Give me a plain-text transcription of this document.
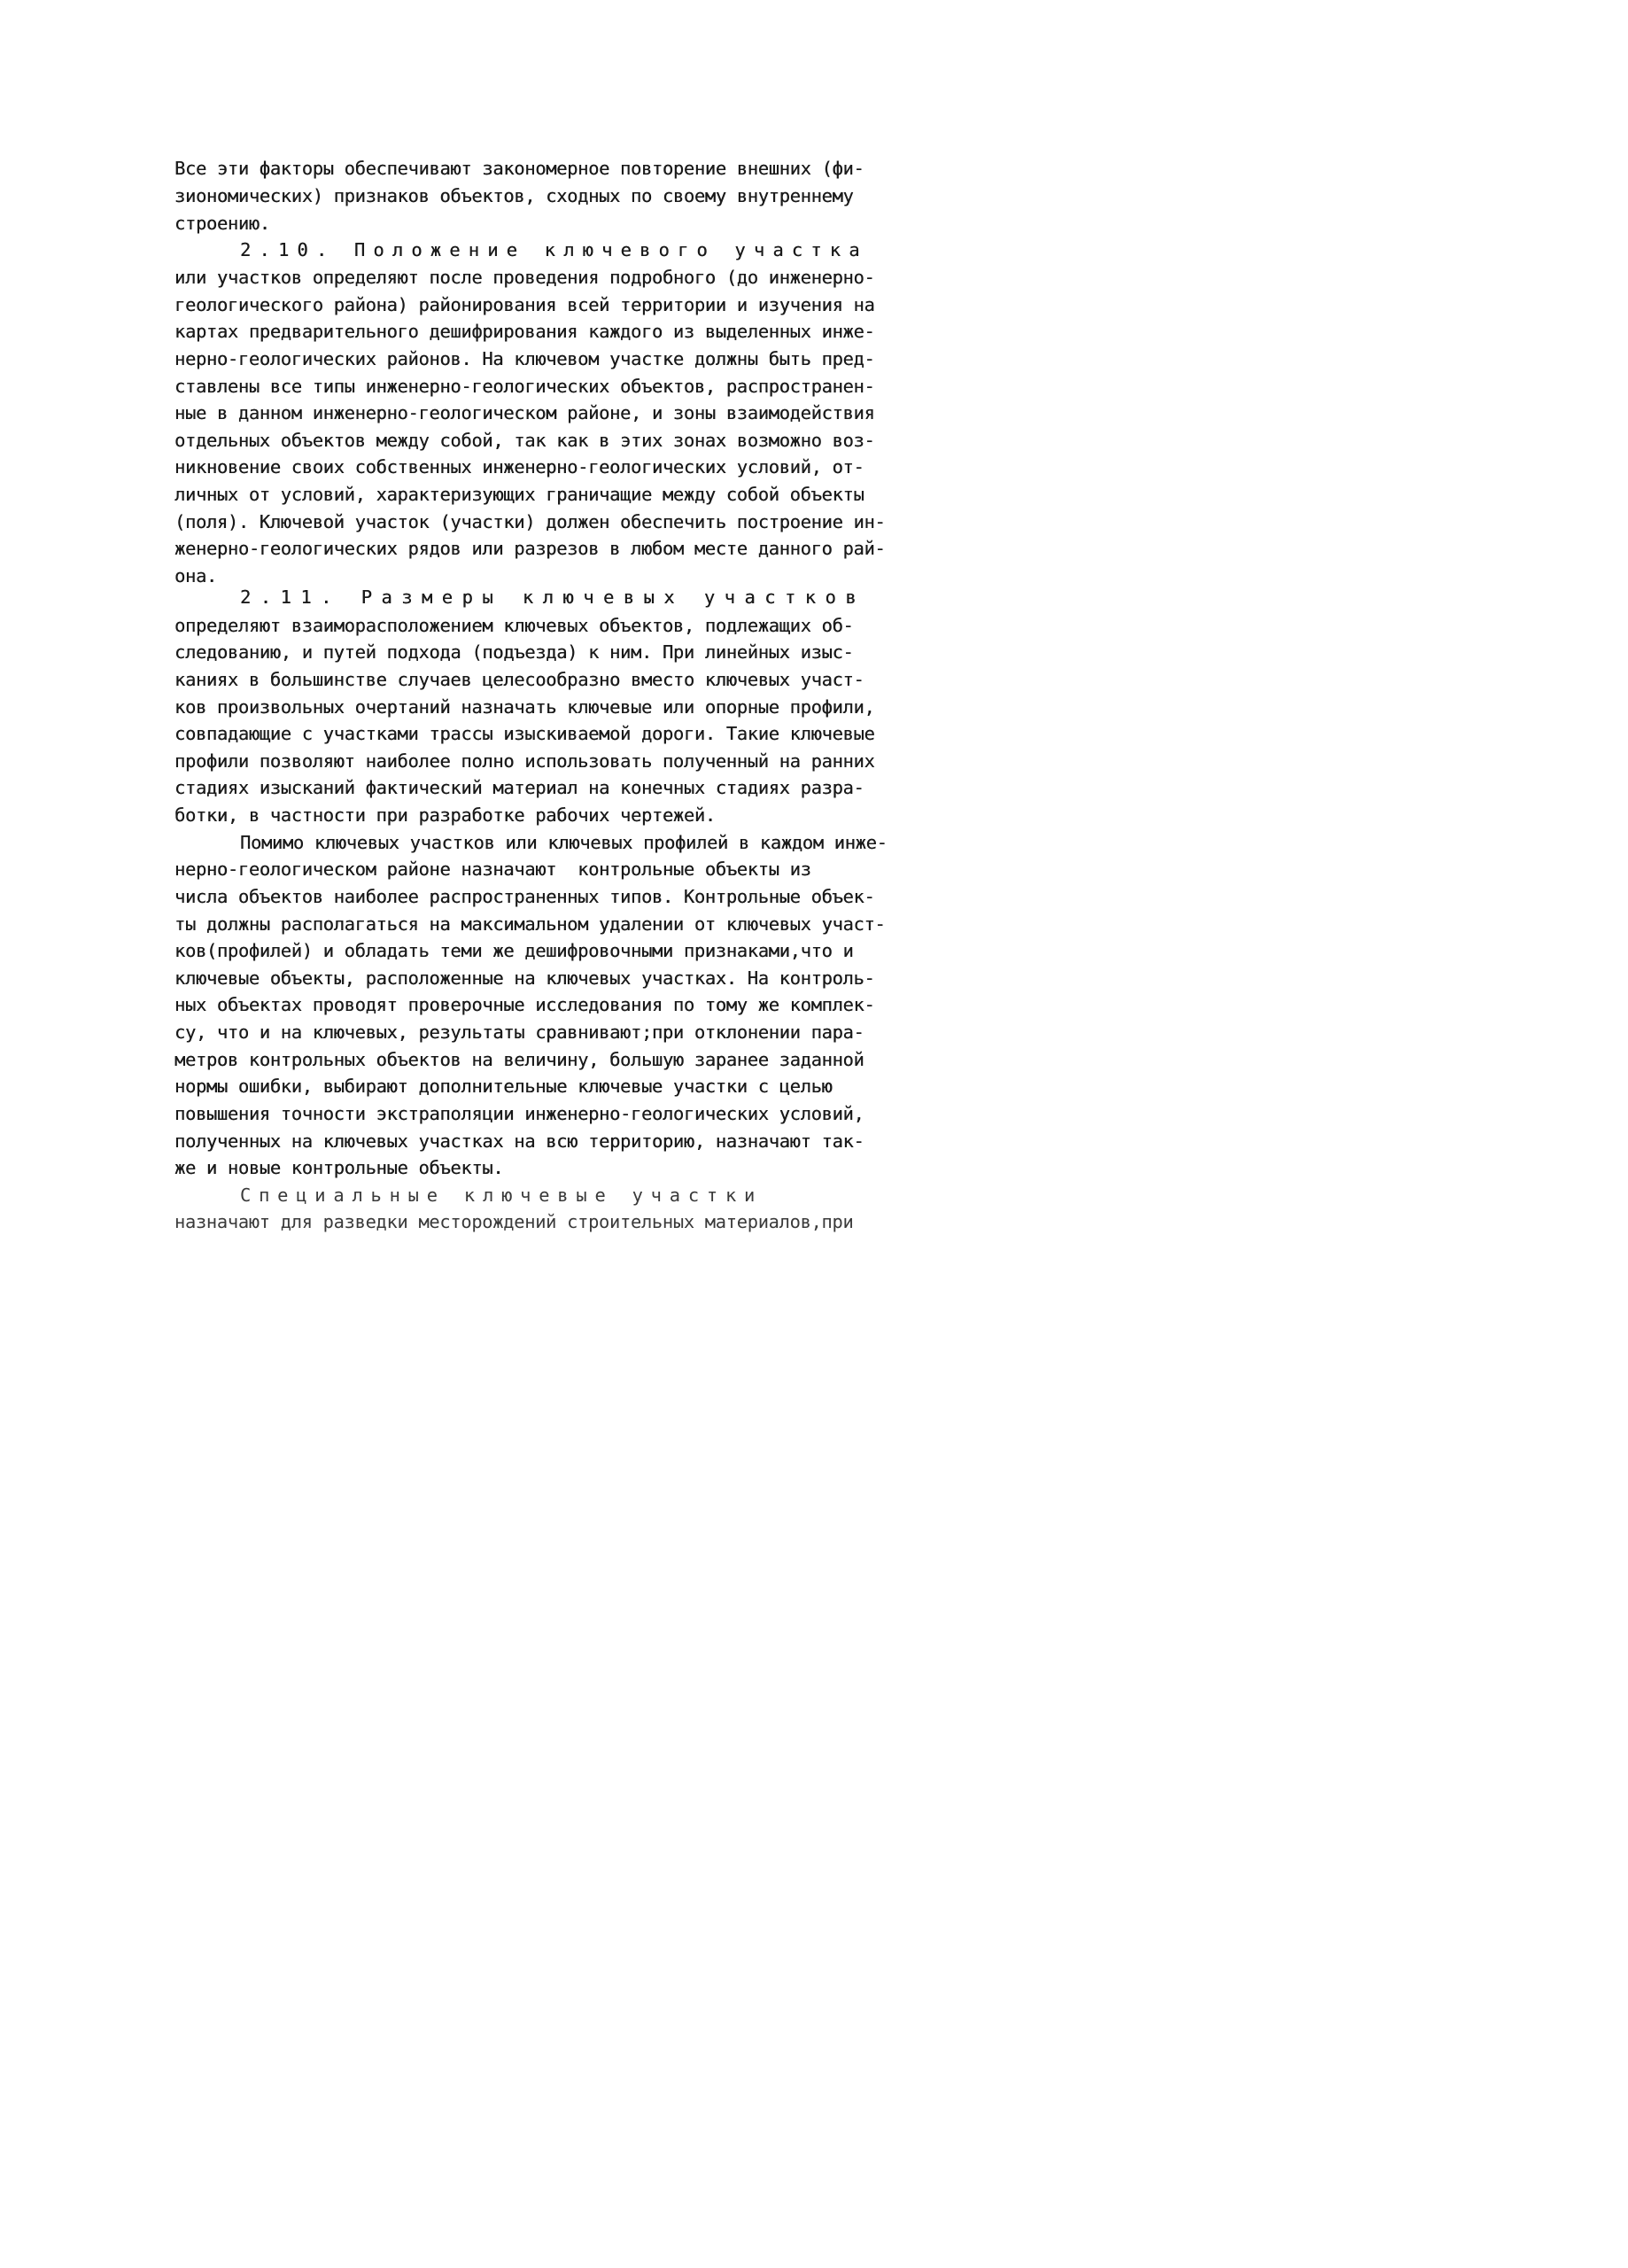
Все эти факторы обеспечивают закономерное повторение внешних (фи-
зиономических) признаков объектов, сходных по своему внутреннему
строению.
2.10. Положение ключевого участка
или участков определяют после проведения подробного (до инженерно-
геологического района) районирования всей территории и изучения на
картах предварительного дешифрирования каждого из выделенных инже-
нерно-геологических районов. На ключевом участке должны быть пред-
ставлены все типы инженерно-геологических объектов, распространен-
ные в данном инженерно-геологическом районе, и зоны взаимодействия
отдельных объектов между собой, так как в этих зонах возможно воз-
никновение своих собственных инженерно-геологических условий, от-
личных от условий, характеризующих граничащие между собой объекты
(поля). Ключевой участок (участки) должен обеспечить построение ин-
женерно-геологических рядов или разрезов в любом месте данного рай-
она.
2.11. Размеры ключевых участков
определяют взаиморасположением ключевых объектов, подлежащих об-
следованию, и путей подхода (подъезда) к ним. При линейных изыс-
каниях в большинстве случаев целесообразно вместо ключевых участ-
ков произвольных очертаний назначать ключевые или опорные профили,
совпадающие с участками трассы изыскиваемой дороги. Такие ключевые
профили позволяют наиболее полно использовать полученный на ранних
стадиях изысканий фактический материал на конечных стадиях разра-
ботки, в частности при разработке рабочих чертежей.
Помимо ключевых участков или ключевых профилей в каждом инже-
нерно-геологическом районе назначают  контрольные объекты из
числа объектов наиболее распространенных типов. Контрольные объек-
ты должны располагаться на максимальном удалении от ключевых участ-
ков(профилей) и обладать теми же дешифровочными признаками,что и
ключевые объекты, расположенные на ключевых участках. На контроль-
ных объектах проводят проверочные исследования по тому же комплек-
су, что и на ключевых, результаты сравнивают;при отклонении пара-
метров контрольных объектов на величину, большую заранее заданной
нормы ошибки, выбирают дополнительные ключевые участки с целью
повышения точности экстраполяции инженерно-геологических условий,
полученных на ключевых участках на всю территорию, назначают так-
же и новые контрольные объекты.
Специальные ключевые участки
назначают для разведки месторождений строительных материалов,при
